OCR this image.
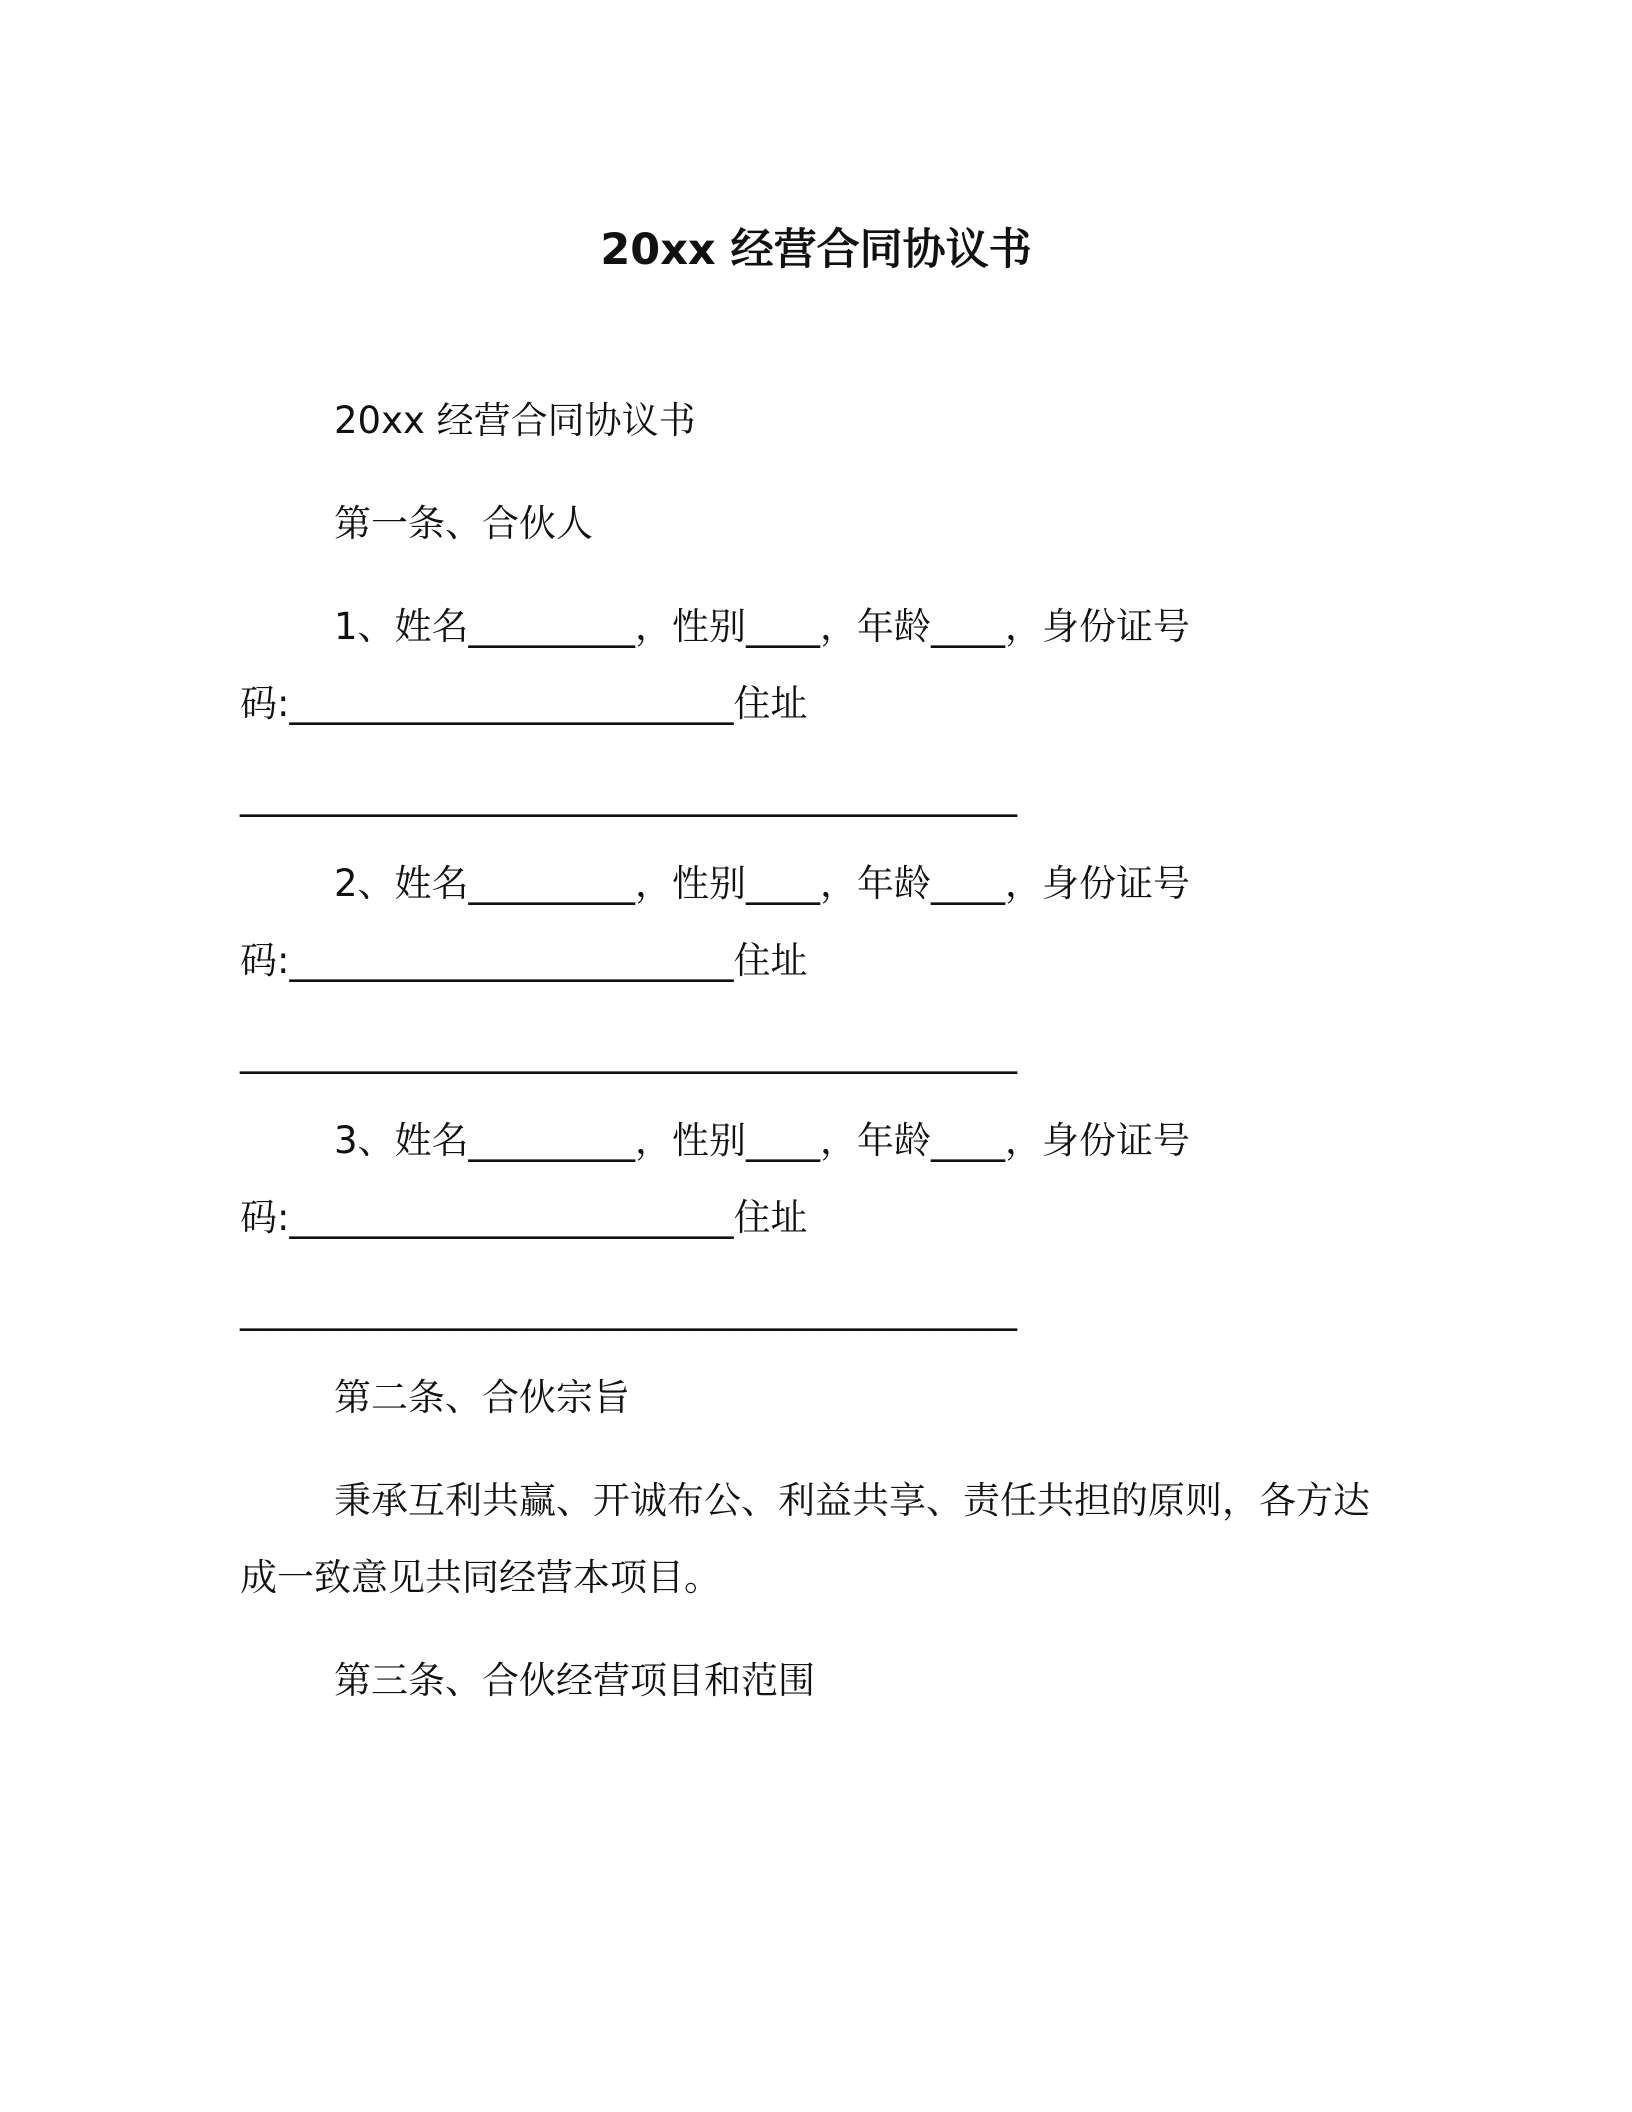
20xx 经营合同协议书
20xx 经营合同协议书
第一条、合伙人
1、姓名_________，性别____，年龄____，身份证号
码:________________________住址
__________________________________________
2、姓名_________，性别____，年龄____，身份证号
码:________________________住址
__________________________________________
3、姓名_________，性别____，年龄____，身份证号
码:________________________住址
__________________________________________
第二条、合伙宗旨
秉承互利共赢、开诚布公、利益共享、责任共担的原则，各方达
成一致意见共同经营本项目。
第三条、合伙经营项目和范围
